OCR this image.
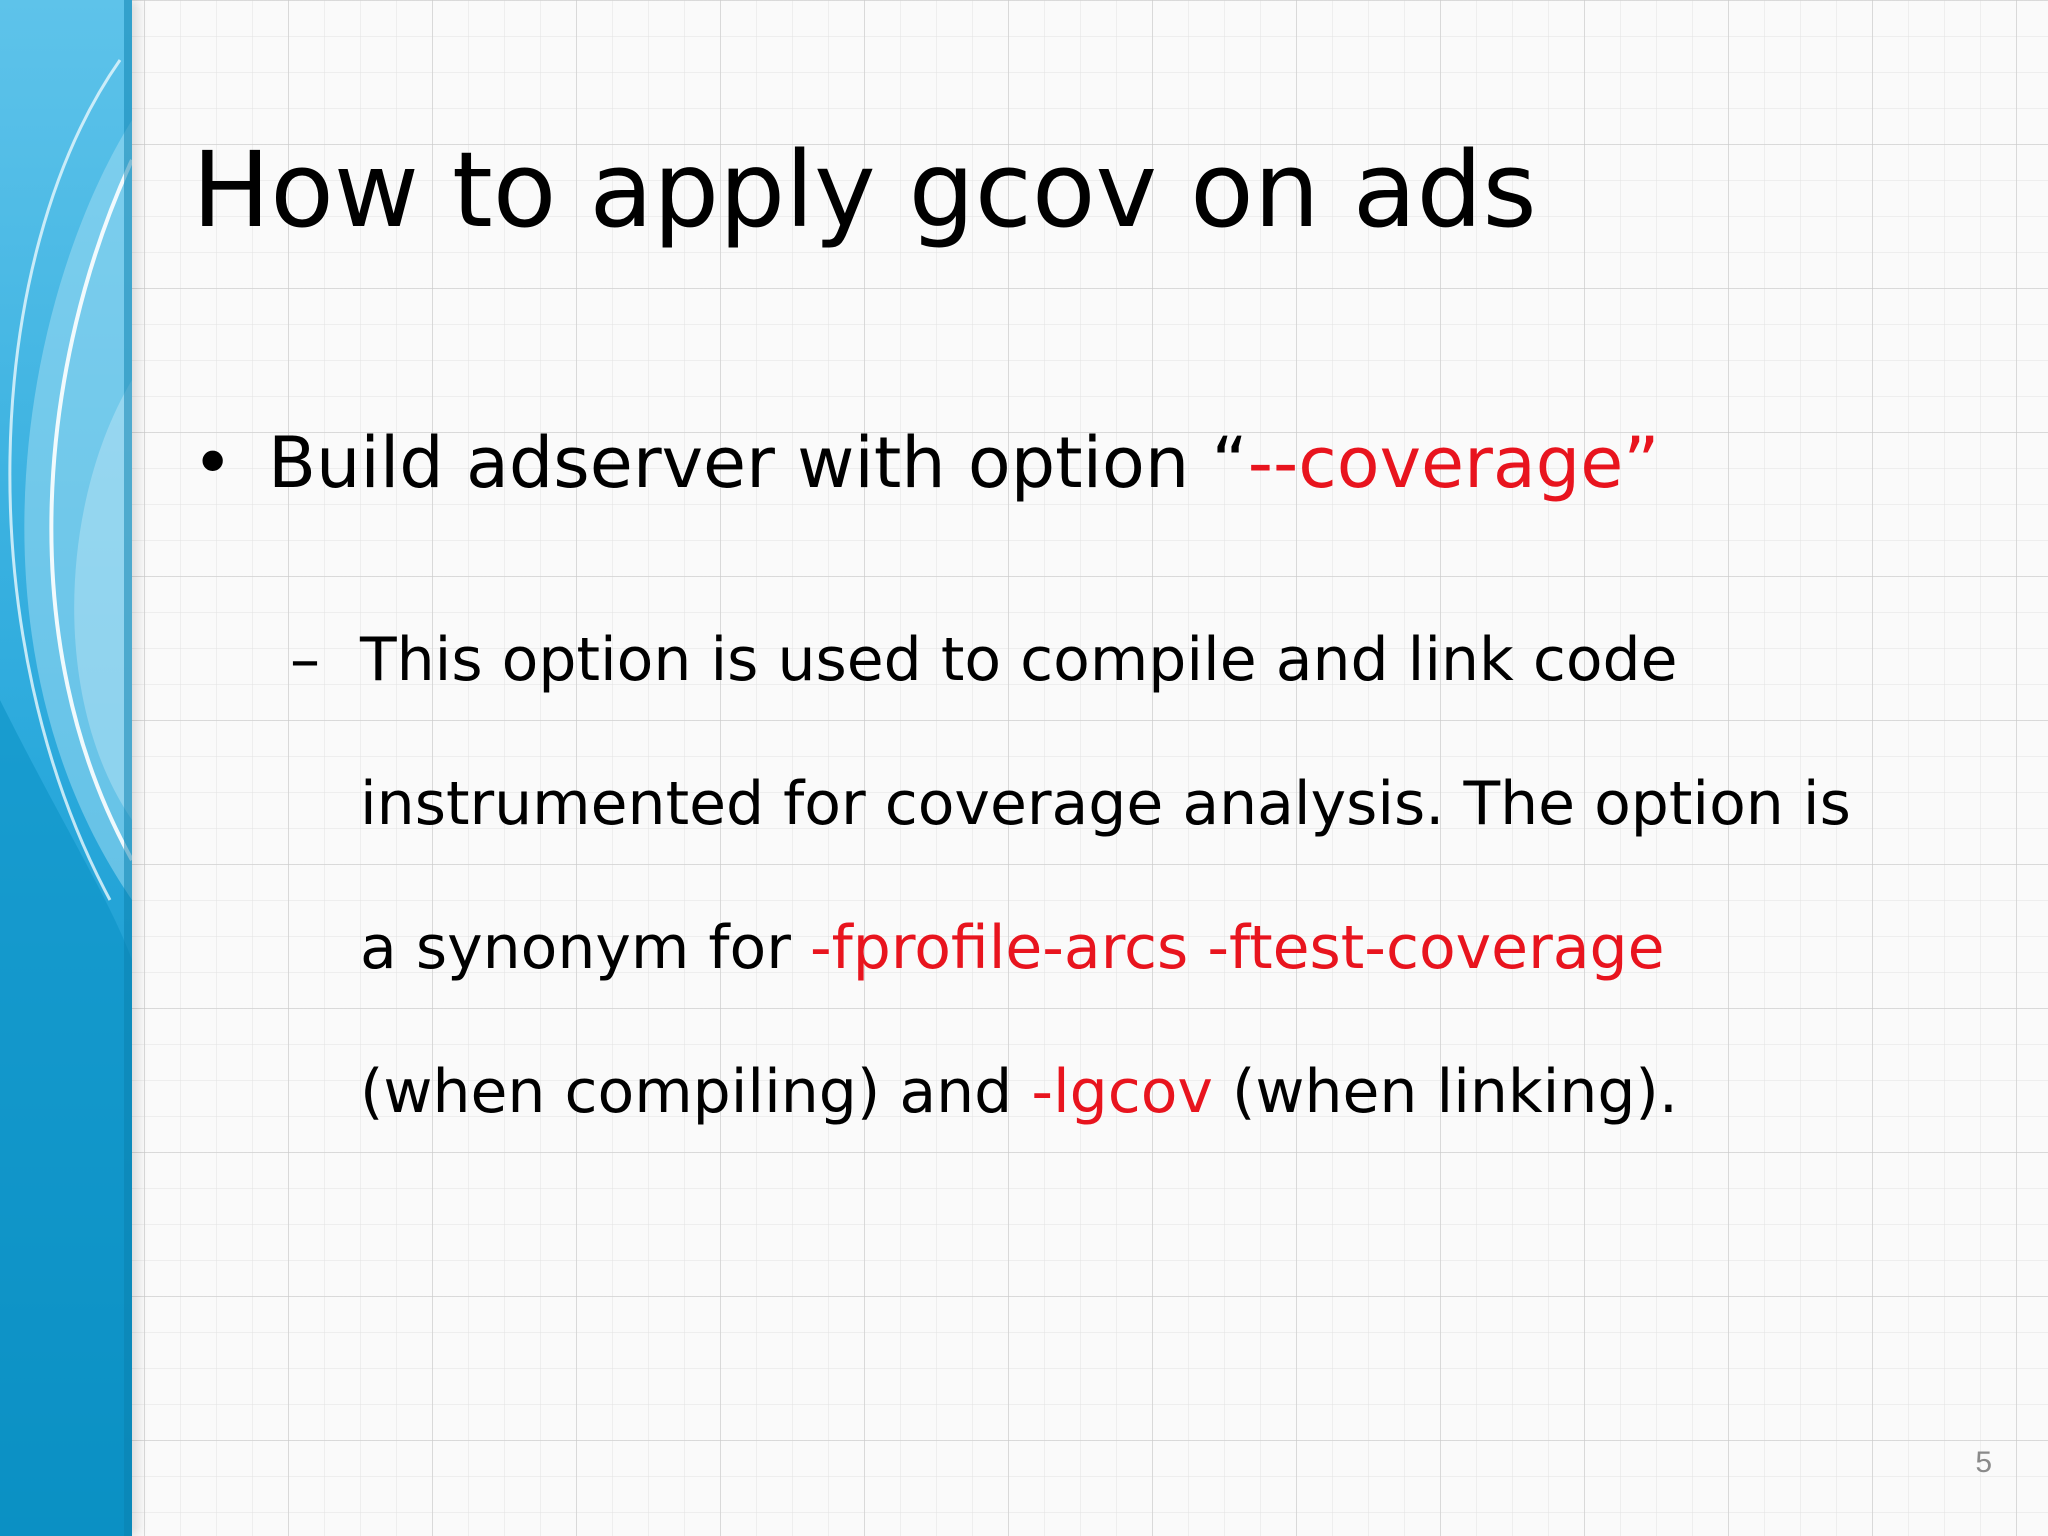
How to apply gcov on ads
• Build adserver with option “--coverage”
– This option is used to compile and link code
instrumented for coverage analysis. The option is
a synonym for -fprofile-arcs -ftest-coverage
(when compiling) and -lgcov (when linking).
5
